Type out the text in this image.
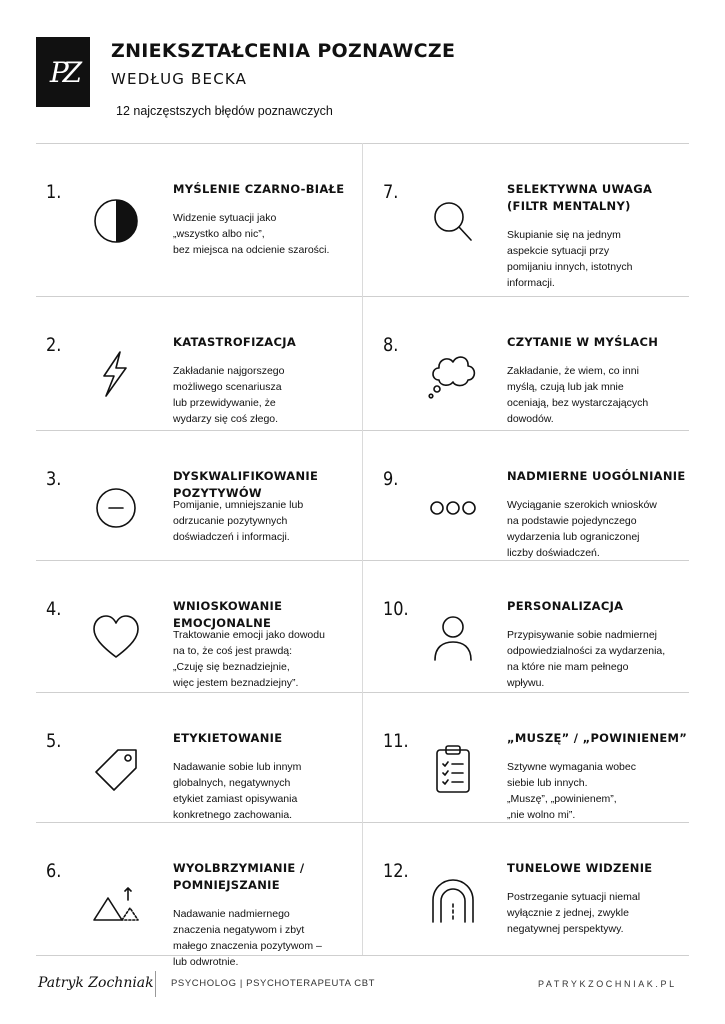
PZ
ZNIEKSZTAŁCENIA POZNAWCZE
WEDŁUG BECKA
12 najczęstszych błędów poznawczych
1.	MYŚLENIE CZARNO-BIAŁE
Widzenie sytuacji jako
„wszystko albo nic”,
bez miejsca na odcienie szarości.
7.	SELEKTYWNA UWAGA
(FILTR MENTALNY)
Skupianie się na jednym
aspekcie sytuacji przy
pomijaniu innych, istotnych
informacji.
2.	KATASTROFIZACJA
Zakładanie najgorszego
możliwego scenariusza
lub przewidywanie, że
wydarzy się coś złego.
8.	CZYTANIE W MYŚLACH
Zakładanie, że wiem, co inni
myślą, czują lub jak mnie
oceniają, bez wystarczających
dowodów.
3.	DYSKWALIFIKOWANIE POZYTYWÓW
Pomijanie, umniejszanie lub
odrzucanie pozytywnych
doświadczeń i informacji.
9.	NADMIERNE UOGÓLNIANIE
Wyciąganie szerokich wniosków
na podstawie pojedynczego
wydarzenia lub ograniczonej
liczby doświadczeń.
4.	WNIOSKOWANIE EMOCJONALNE
Traktowanie emocji jako dowodu
na to, że coś jest prawdą:
„Czuję się beznadziejnie,
więc jestem beznadziejny”.
10.	PERSONALIZACJA
Przypisywanie sobie nadmiernej
odpowiedzialności za wydarzenia,
na które nie mam pełnego
wpływu.
5.	ETYKIETOWANIE
Nadawanie sobie lub innym
globalnych, negatywnych
etykiet zamiast opisywania
konkretnego zachowania.
11.	„MUSZĘ” / „POWINIENEM”
Sztywne wymagania wobec
siebie lub innych.
„Muszę”, „powinienem”,
„nie wolno mi”.
6.	WYOLBRZYMIANIE /
POMNIEJSZANIE
Nadawanie nadmiernego
znaczenia negatywom i zbyt
małego znaczenia pozytywom –
lub odwrotnie.
12.	TUNELOWE WIDZENIE
Postrzeganie sytuacji niemal
wyłącznie z jednej, zwykle
negatywnej perspektywy.
Patryk Zochniak PSYCHOLOG | PSYCHOTERAPEUTA CBT	PATRYKZOCHNIAK.PL
